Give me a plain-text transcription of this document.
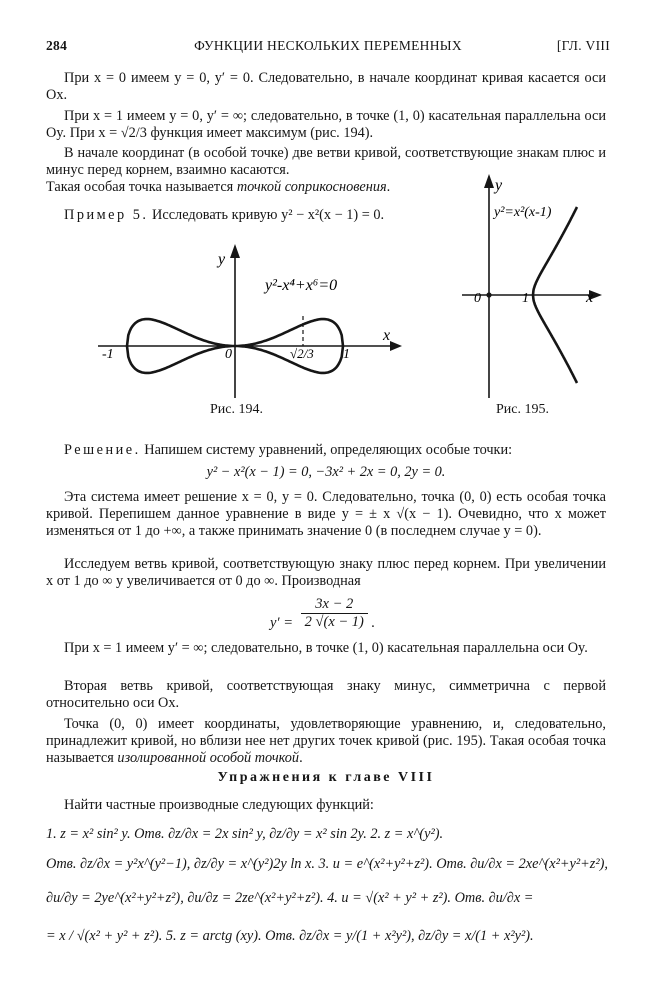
284	ФУНКЦИИ НЕСКОЛЬКИХ ПЕРЕМЕННЫХ	[ГЛ. VIII
При x = 0 имеем y = 0, y′ = 0. Следовательно, в начале координат кривая касается оси Ox.
При x = 1 имеем y = 0, y′ = ∞; следовательно, в точке (1, 0) касательная параллельна оси Oy. При x = √2/3 функция имеет максимум (рис. 194).
В начале координат (в особой точке) две ветви кривой, соответствующие знакам плюс и минус перед корнем, взаимно касаются.
Такая особая точка называется точкой соприкосновения.
Пример 5. Исследовать кривую y² − x²(x − 1) = 0.
y
x
0
-1	1
√2/3
y²-x⁴+x⁶=0
Рис. 194.
y
x
0	1
y²=x²(x-1)
Рис. 195.
Решение. Напишем систему уравнений, определяющих особые точки:
y² − x²(x − 1) = 0, −3x² + 2x = 0, 2y = 0.
Эта система имеет решение x = 0, y = 0. Следовательно, точка (0, 0) есть особая точка кривой. Перепишем данное уравнение в виде y = ± x √(x − 1). Очевидно, что x может изменяться от 1 до +∞, а также принимать значение 0 (в последнем случае y = 0).
Исследуем ветвь кривой, соответствующую знаку плюс перед корнем. При увеличении x от 1 до ∞ y увеличивается от 0 до ∞. Производная
$y' = \frac{3x - 2}{2 √(x - 1)}$ .
При x = 1 имеем y′ = ∞; следовательно, в точке (1, 0) касательная параллельна оси Oy.
Вторая ветвь кривой, соответствующая знаку минус, симметрична с первой относительно оси Ox.
Точка (0, 0) имеет координаты, удовлетворяющие уравнению, и, следовательно, принадлежит кривой, но вблизи нее нет других точек кривой (рис. 195). Такая особая точка называется изолированной особой точкой.
Упражнения к главе VIII
Найти частные производные следующих функций:
1. z = x² sin² y. Отв. ∂z/∂x = 2x sin² y, ∂z/∂y = x² sin 2y. 2. z = x^(y²).
Отв. ∂z/∂x = y²x^(y²−1), ∂z/∂y = x^(y²)2y ln x. 3. u = e^(x²+y²+z²). Отв. ∂u/∂x = 2xe^(x²+y²+z²),
∂u/∂y = 2ye^(x²+y²+z²), ∂u/∂z = 2ze^(x²+y²+z²). 4. u = √(x² + y² + z²). Отв. ∂u/∂x =
= x / √(x² + y² + z²). 5. z = arctg (xy). Отв. ∂z/∂x = y/(1 + x²y²), ∂z/∂y = x/(1 + x²y²).
